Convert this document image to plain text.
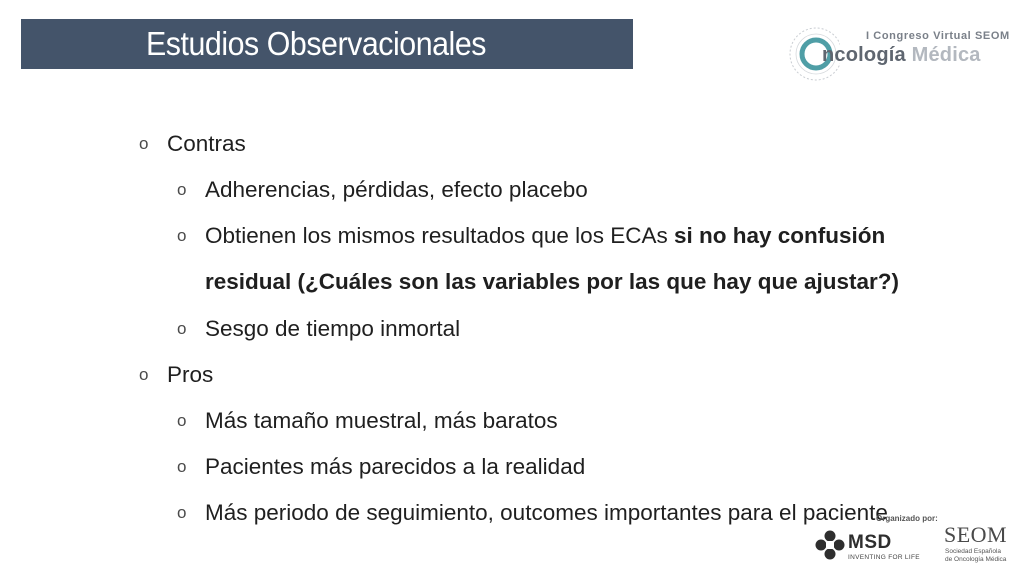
Estudios Observacionales	I Congreso Virtual SEOM
ncología Médica
o Contras
o Adherencias, pérdidas, efecto placebo
o Obtienen los mismos resultados que los ECAs si no hay confusión
residual (¿Cuáles son las variables por las que hay que ajustar?)
o Sesgo de tiempo inmortal
o Pros
o Más tamaño muestral, más baratos
o Pacientes más parecidos a la realidad
o Más periodo de seguimiento, outcomes importantes para el paciente
Organizado por:
MSD
INVENTING FOR LIFE
SEOM
Sociedad Española
de Oncología Médica
